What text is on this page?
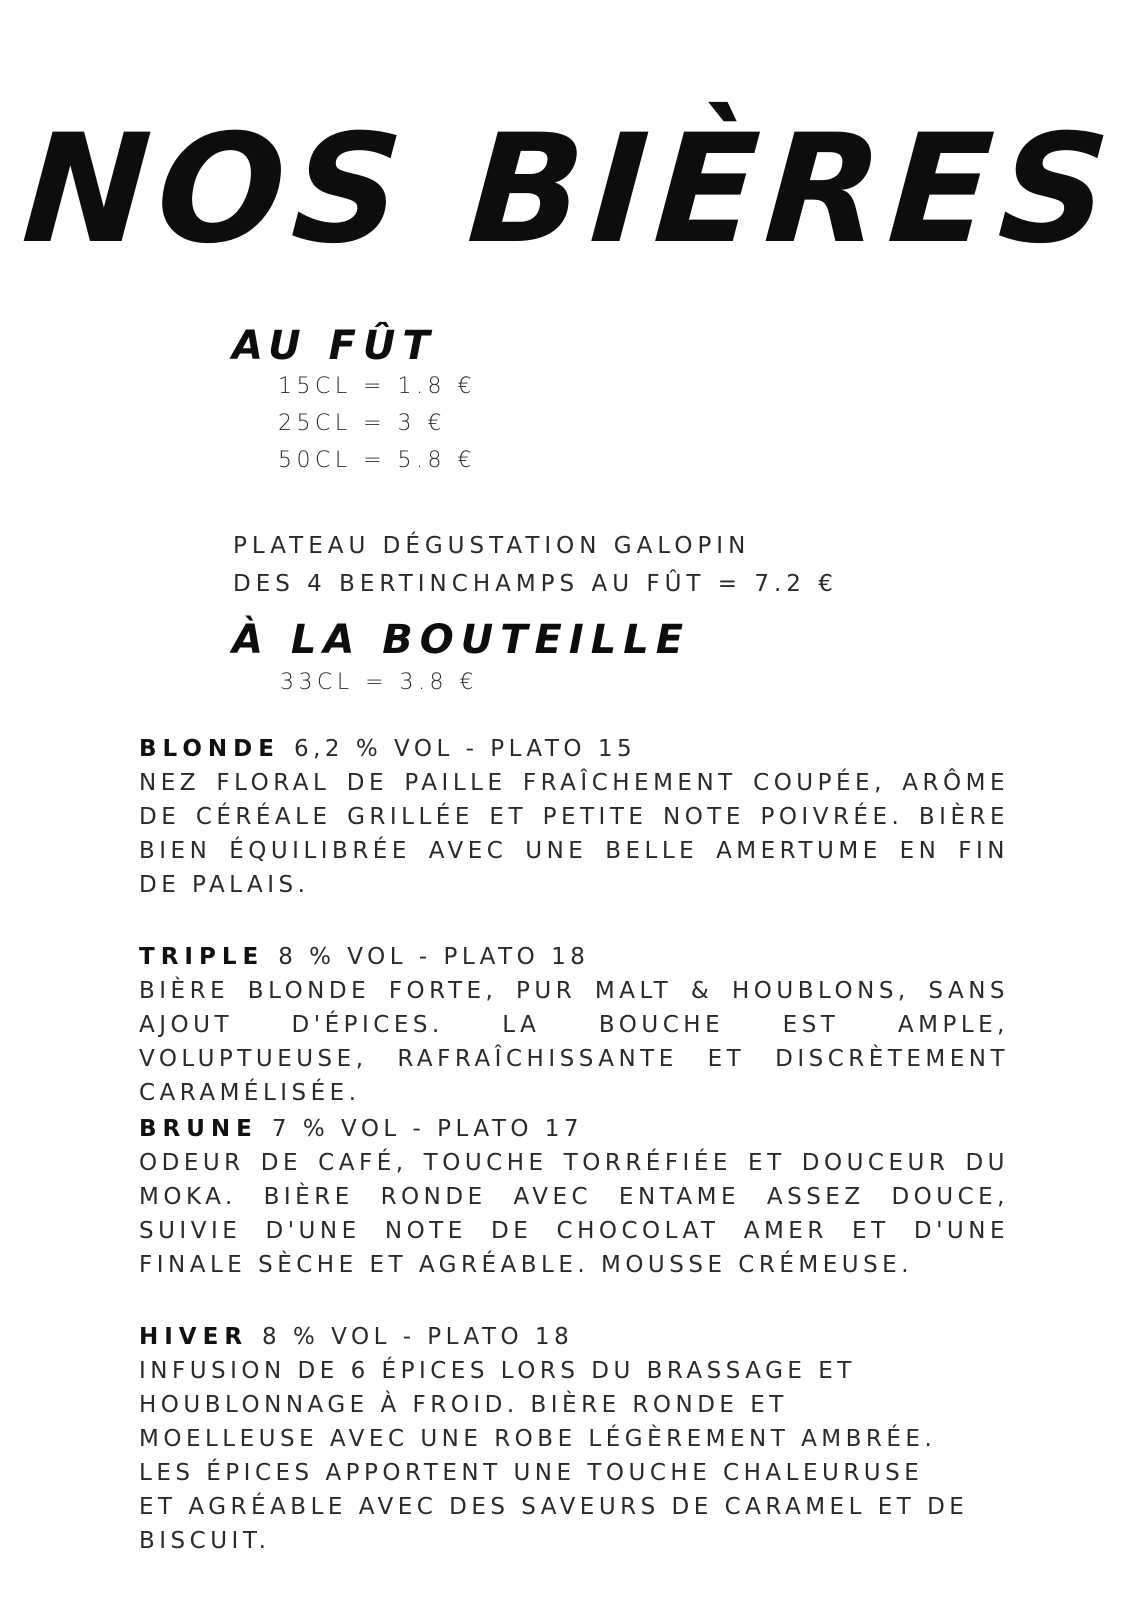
NOS BIÈRES
AU FÛT

15CL = 1.8 €

25CL = 3 €

50CL = 5.8 €

PLATEAU DÉGUSTATION GALOPIN
DES 4 BERTINCHAMPS AU FÛT = 7.2 €

À LA BOUTEILLE

33CL = 3.8 €

BLONDE 6,2 % VOL - PLATO 15

NEZ FLORAL DE PAILLE FRAÎCHEMENT COUPÉE, ARÔME DE CÉRÉALE GRILLÉE ET PETITE NOTE POIVRÉE. BIÈRE BIEN ÉQUILIBRÉE AVEC UNE BELLE AMERTUME EN FIN DE PALAIS.

TRIPLE 8 % VOL - PLATO 18

BIÈRE BLONDE FORTE, PUR MALT & HOUBLONS, SANS AJOUT D'ÉPICES. LA BOUCHE EST AMPLE, VOLUPTUEUSE, RAFRAÎCHISSANTE ET DISCRÈTEMENT CARAMÉLISÉE.

BRUNE 7 % VOL - PLATO 17

ODEUR DE CAFÉ, TOUCHE TORRÉFIÉE ET DOUCEUR DU MOKA. BIÈRE RONDE AVEC ENTAME ASSEZ DOUCE, SUIVIE D'UNE NOTE DE CHOCOLAT AMER ET D'UNE FINALE SÈCHE ET AGRÉABLE. MOUSSE CRÉMEUSE.

HIVER 8 % VOL - PLATO 18

INFUSION DE 6 ÉPICES LORS DU BRASSAGE ET HOUBLONNAGE À FROID. BIÈRE RONDE ET MOELLEUSE AVEC UNE ROBE LÉGÈREMENT AMBRÉE. LES ÉPICES APPORTENT UNE TOUCHE CHALEURUSE ET AGRÉABLE AVEC DES SAVEURS DE CARAMEL ET DE BISCUIT.
